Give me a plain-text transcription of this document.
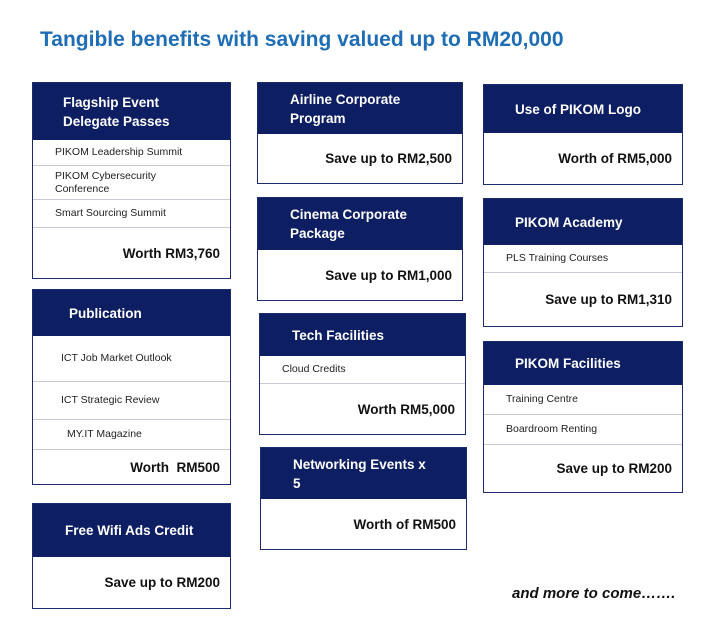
Tangible benefits with saving valued up to RM20,000
Flagship Event Delegate Passes
PIKOM Leadership Summit
PIKOM Cybersecurity Conference
Smart Sourcing Summit
Worth RM3,760
Publication
ICT Job Market Outlook
ICT Strategic Review
MY.IT Magazine
Worth  RM500
Free Wifi Ads Credit
Save up to RM200
Airline Corporate Program
Save up to RM2,500
Cinema Corporate Package
Save up to RM1,000
Tech Facilities
Cloud Credits
Worth RM5,000
Networking Events x 5
Worth of RM500
Use of PIKOM Logo
Worth of RM5,000
PIKOM Academy
PLS Training Courses
Save up to RM1,310
PIKOM Facilities
Training Centre
Boardroom Renting
Save up to RM200
and more to come…….
